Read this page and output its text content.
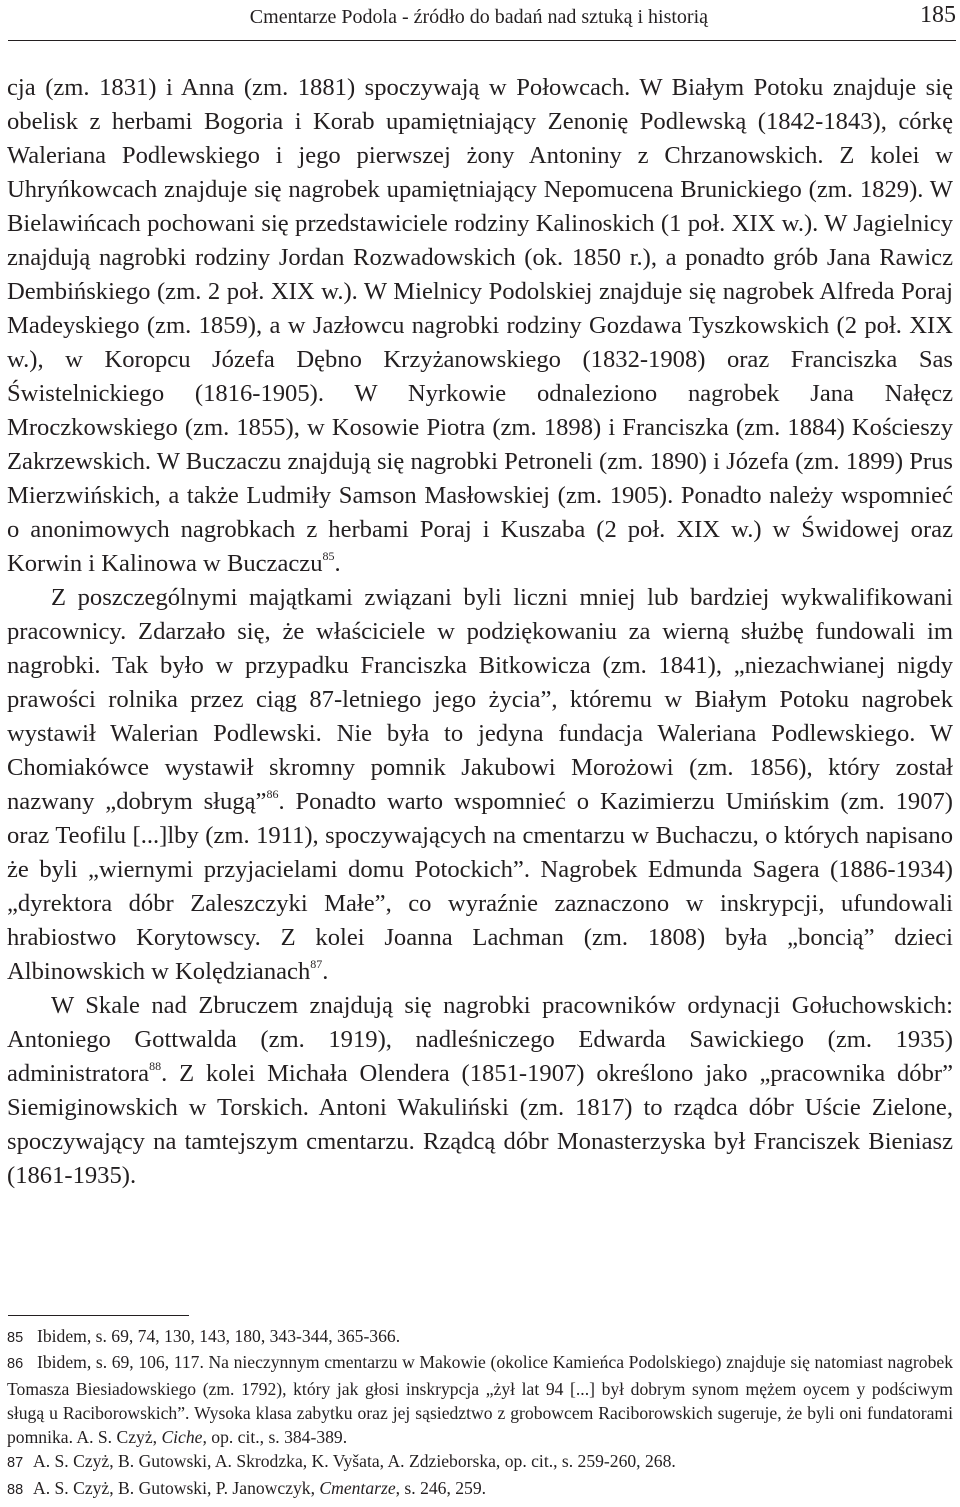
Cmentarze Podola - źródło do badań nad sztuką i historią	185

cja (zm. 1831) i Anna (zm. 1881) spoczywają w Połowcach. W Białym Potoku znajduje się obelisk z herbami Bogoria i Korab upamiętniający Zenonię Podlewską (1842-1843), córkę Waleriana Podlewskiego i jego pierwszej żony Antoniny z Chrzanowskich. Z kolei w Uhryńkowcach znajduje się nagrobek upamiętniający Nepomucena Brunickiego (zm. 1829). W Bielawińcach pochowani się przedstawiciele rodziny Kalinoskich (1 poł. XIX w.). W Jagielnicy znajdują nagrobki rodziny Jordan Rozwadowskich (ok. 1850 r.), a ponadto grób Jana Rawicz Dembińskiego (zm. 2 poł. XIX w.). W Mielnicy Podolskiej znajduje się nagrobek Alfreda Poraj Madeyskiego (zm. 1859), a w Jazłowcu nagrobki rodziny Gozdawa Tyszkowskich (2 poł. XIX w.), w Koropcu Józefa Dębno Krzyżanowskiego (1832-1908) oraz Franciszka Sas Świstelnickiego (1816-1905). W Nyrkowie odnaleziono nagrobek Jana Nałęcz Mroczkowskiego (zm. 1855), w Kosowie Piotra (zm. 1898) i Franciszka (zm. 1884) Kościeszy Zakrzewskich. W Buczaczu znajdują się nagrobki Petroneli (zm. 1890) i Józefa (zm. 1899) Prus Mierzwińskich, a także Ludmiły Samson Masłowskiej (zm. 1905). Ponadto należy wspomnieć o anonimowych nagrobkach z herbami Poraj i Kuszaba (2 poł. XIX w.) w Świdowej oraz Korwin i Kalinowa w Buczaczu$^{85}$.

Z poszczególnymi majątkami związani byli liczni mniej lub bardziej wykwalifikowani pracownicy. Zdarzało się, że właściciele w podziękowaniu za wierną służbę fundowali im nagrobki. Tak było w przypadku Franciszka Bitkowicza (zm. 1841), „niezachwianej nigdy prawości rolnika przez ciąg 87-letniego jego życia”, któremu w Białym Potoku nagrobek wystawił Walerian Podlewski. Nie była to jedyna fundacja Waleriana Podlewskiego. W Chomiakówce wystawił skromny pomnik Jakubowi Morożowi (zm. 1856), który został nazwany „dobrym sługą”$^{86}$. Ponadto warto wspomnieć o Kazimierzu Umińskim (zm. 1907) oraz Teofilu [...]lby (zm. 1911), spoczywających na cmentarzu w Buchaczu, o których napisano że byli „wiernymi przyjacielami domu Potockich”. Nagrobek Edmunda Sagera (1886-1934) „dyrektora dóbr Zaleszczyki Małe”, co wyraźnie zaznaczono w inskrypcji, ufundowali hrabiostwo Korytowscy. Z kolei Joanna Lachman (zm. 1808) była „boncią” dzieci Albinowskich w Kolędzianach$^{87}$.

W Skale nad Zbruczem znajdują się nagrobki pracowników ordynacji Gołuchowskich: Antoniego Gottwalda (zm. 1919), nadleśniczego Edwarda Sawickiego (zm. 1935) administratora$^{88}$. Z kolei Michała Olendera (1851-1907) określono jako „pracownika dóbr” Siemiginowskich w Torskich. Antoni Wakuliński (zm. 1817) to rządca dóbr Uście Zielone, spoczywający na tamtejszym cmentarzu. Rządcą dóbr Monasterzyska był Franciszek Bieniasz (1861-1935).

85 Ibidem, s. 69, 74, 130, 143, 180, 343-344, 365-366.

86 Ibidem, s. 69, 106, 117. Na nieczynnym cmentarzu w Makowie (okolice Kamieńca Podolskiego) znajduje się natomiast nagrobek Tomasza Biesiadowskiego (zm. 1792), który jak głosi inskrypcja „żył lat 94 [...] był dobrym synom mężem oycem y podściwym sługą u Raciborowskich”. Wysoka klasa zabytku oraz jej sąsiedztwo z grobowcem Raciborowskich sugeruje, że byli oni fundatorami pomnika. A. S. Czyż, Ciche, op. cit., s. 384-389.

87 A. S. Czyż, B. Gutowski, A. Skrodzka, K. Vyšata, A. Zdzieborska, op. cit., s. 259-260, 268.

88 A. S. Czyż, B. Gutowski, P. Janowczyk, Cmentarze, s. 246, 259.
